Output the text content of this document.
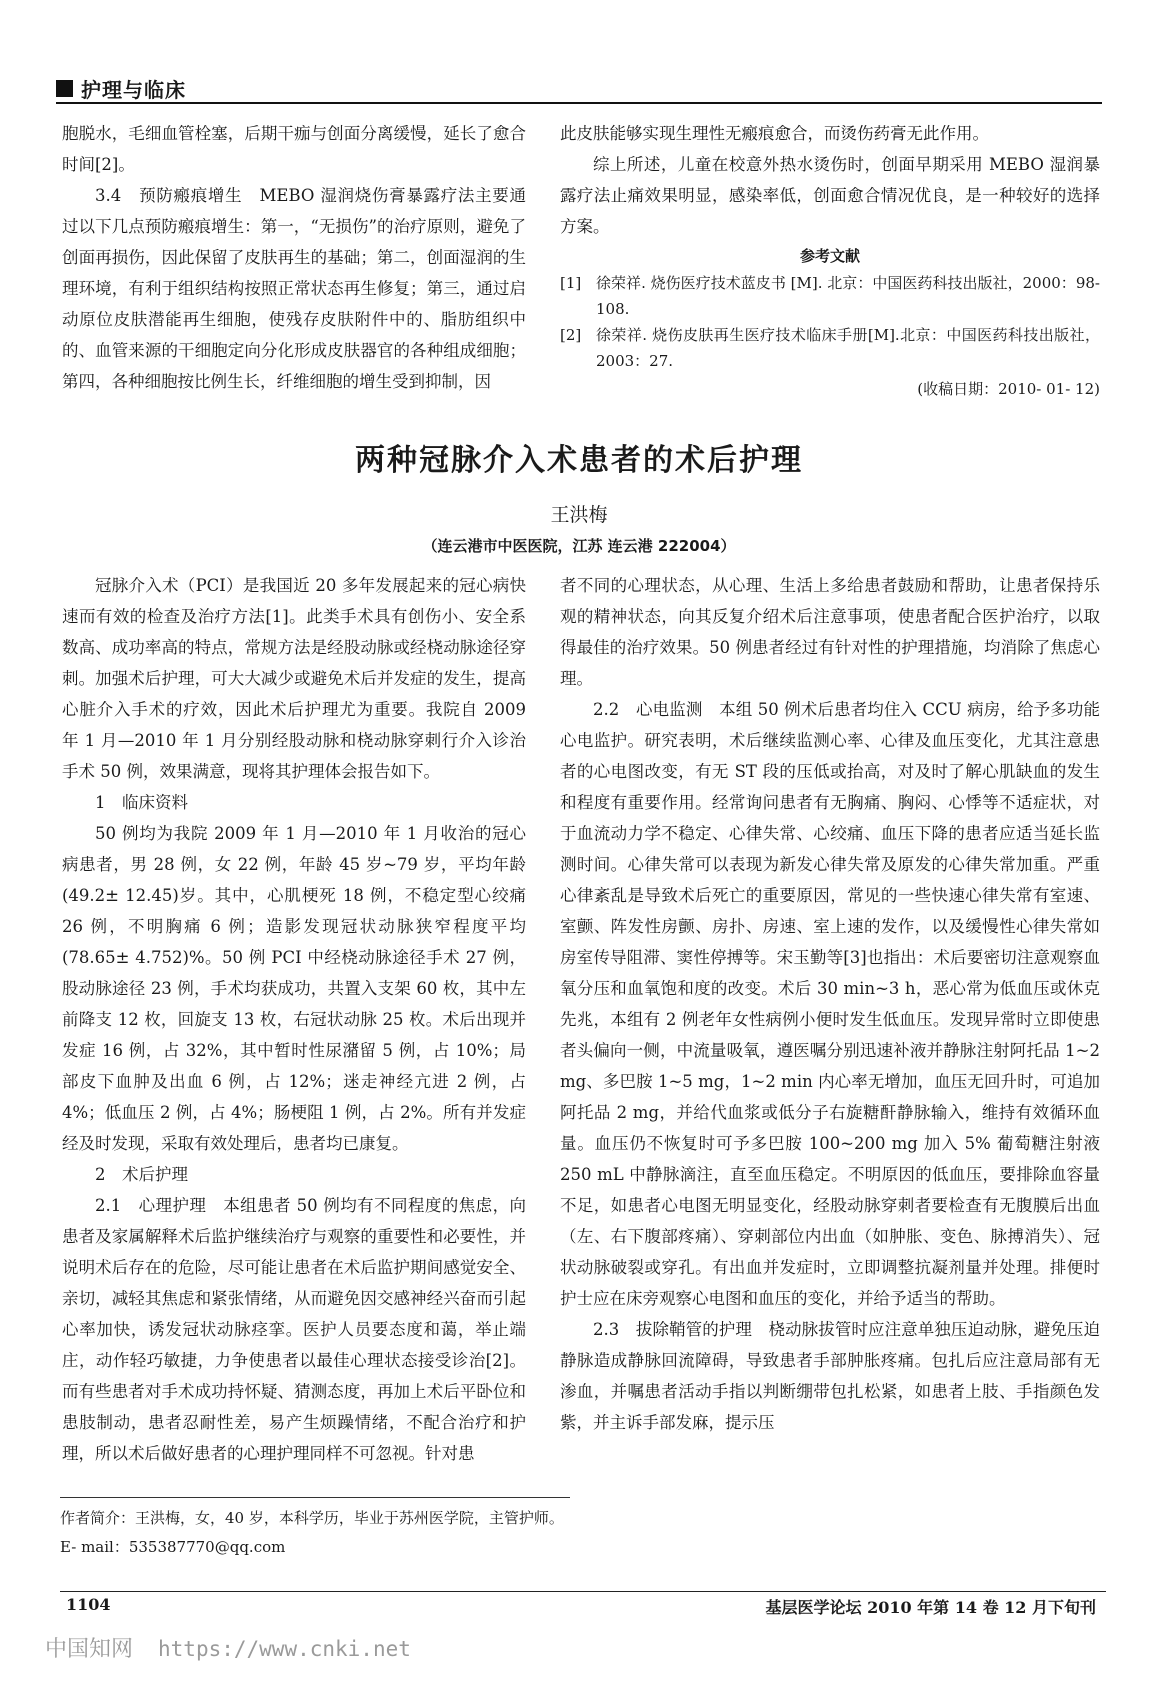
护理与临床

胞脱水，毛细血管栓塞，后期干痂与创面分离缓慢，延长了愈合时间[2]。

3.4　预防瘢痕增生　MEBO 湿润烧伤膏暴露疗法主要通过以下几点预防瘢痕增生：第一，“无损伤”的治疗原则，避免了创面再损伤，因此保留了皮肤再生的基础；第二，创面湿润的生理环境，有利于组织结构按照正常状态再生修复；第三，通过启动原位皮肤潜能再生细胞，使残存皮肤附件中的、脂肪组织中的、血管来源的干细胞定向分化形成皮肤器官的各种组成细胞；第四，各种细胞按比例生长，纤维细胞的增生受到抑制，因

此皮肤能够实现生理性无瘢痕愈合，而烫伤药膏无此作用。

综上所述，儿童在校意外热水烫伤时，创面早期采用 MEBO 湿润暴露疗法止痛效果明显，感染率低，创面愈合情况优良，是一种较好的选择方案。

参考文献

[1] 徐荣祥. 烧伤医疗技术蓝皮书 [M]. 北京：中国医药科技出版社，2000：98- 108.
[2] 徐荣祥. 烧伤皮肤再生医疗技术临床手册[M].北京：中国医药科技出版社，2003：27.

(收稿日期：2010- 01- 12)

两种冠脉介入术患者的术后护理
王洪梅
（连云港市中医医院，江苏 连云港 222004）

冠脉介入术（PCI）是我国近 20 多年发展起来的冠心病快速而有效的检查及治疗方法[1]。此类手术具有创伤小、安全系数高、成功率高的特点，常规方法是经股动脉或经桡动脉途径穿刺。加强术后护理，可大大减少或避免术后并发症的发生，提高心脏介入手术的疗效，因此术后护理尤为重要。我院自 2009 年 1 月—2010 年 1 月分别经股动脉和桡动脉穿刺行介入诊治手术 50 例，效果满意，现将其护理体会报告如下。

1　临床资料

50 例均为我院 2009 年 1 月—2010 年 1 月收治的冠心病患者，男 28 例，女 22 例，年龄 45 岁~79 岁，平均年龄(49.2± 12.45)岁。其中，心肌梗死 18 例，不稳定型心绞痛 26 例，不明胸痛 6 例；造影发现冠状动脉狭窄程度平均(78.65± 4.752)%。50 例 PCI 中经桡动脉途径手术 27 例，股动脉途径 23 例，手术均获成功，共置入支架 60 枚，其中左前降支 12 枚，回旋支 13 枚，右冠状动脉 25 枚。术后出现并发症 16 例，占 32%，其中暂时性尿潴留 5 例，占 10%；局部皮下血肿及出血 6 例，占 12%；迷走神经亢进 2 例，占 4%；低血压 2 例，占 4%；肠梗阻 1 例，占 2%。所有并发症经及时发现，采取有效处理后，患者均已康复。

2　术后护理

2.1　心理护理　本组患者 50 例均有不同程度的焦虑，向患者及家属解释术后监护继续治疗与观察的重要性和必要性，并说明术后存在的危险，尽可能让患者在术后监护期间感觉安全、亲切，减轻其焦虑和紧张情绪，从而避免因交感神经兴奋而引起心率加快，诱发冠状动脉痉挛。医护人员要态度和蔼，举止端庄，动作轻巧敏捷，力争使患者以最佳心理状态接受诊治[2]。而有些患者对手术成功持怀疑、猜测态度，再加上术后平卧位和患肢制动，患者忍耐性差，易产生烦躁情绪，不配合治疗和护理，所以术后做好患者的心理护理同样不可忽视。针对患

者不同的心理状态，从心理、生活上多给患者鼓励和帮助，让患者保持乐观的精神状态，向其反复介绍术后注意事项，使患者配合医护治疗，以取得最佳的治疗效果。50 例患者经过有针对性的护理措施，均消除了焦虑心理。

2.2　心电监测　本组 50 例术后患者均住入 CCU 病房，给予多功能心电监护。研究表明，术后继续监测心率、心律及血压变化，尤其注意患者的心电图改变，有无 ST 段的压低或抬高，对及时了解心肌缺血的发生和程度有重要作用。经常询问患者有无胸痛、胸闷、心悸等不适症状，对于血流动力学不稳定、心律失常、心绞痛、血压下降的患者应适当延长监测时间。心律失常可以表现为新发心律失常及原发的心律失常加重。严重心律紊乱是导致术后死亡的重要原因，常见的一些快速心律失常有室速、室颤、阵发性房颤、房扑、房速、室上速的发作，以及缓慢性心律失常如房室传导阻滞、窦性停搏等。宋玉勤等[3]也指出：术后要密切注意观察血氧分压和血氧饱和度的改变。术后 30 min~3 h，恶心常为低血压或休克先兆，本组有 2 例老年女性病例小便时发生低血压。发现异常时立即使患者头偏向一侧，中流量吸氧，遵医嘱分别迅速补液并静脉注射阿托品 1~2 mg、多巴胺 1~5 mg，1~2 min 内心率无增加，血压无回升时，可追加阿托品 2 mg，并给代血浆或低分子右旋糖酐静脉输入，维持有效循环血量。血压仍不恢复时可予多巴胺 100~200 mg 加入 5% 葡萄糖注射液 250 mL 中静脉滴注，直至血压稳定。不明原因的低血压，要排除血容量不足，如患者心电图无明显变化，经股动脉穿刺者要检查有无腹膜后出血（左、右下腹部疼痛）、穿刺部位内出血（如肿胀、变色、脉搏消失）、冠状动脉破裂或穿孔。有出血并发症时，立即调整抗凝剂量并处理。排便时护士应在床旁观察心电图和血压的变化，并给予适当的帮助。

2.3　拔除鞘管的护理　桡动脉拔管时应注意单独压迫动脉，避免压迫静脉造成静脉回流障碍，导致患者手部肿胀疼痛。包扎后应注意局部有无渗血，并嘱患者活动手指以判断绷带包扎松紧，如患者上肢、手指颜色发紫，并主诉手部发麻，提示压

作者简介：王洪梅，女，40 岁，本科学历，毕业于苏州医学院，主管护师。E- mail：535387770@qq.com
1104	基层医学论坛 2010 年第 14 卷 12 月下旬刊
中国知网 https://www.cnki.net
